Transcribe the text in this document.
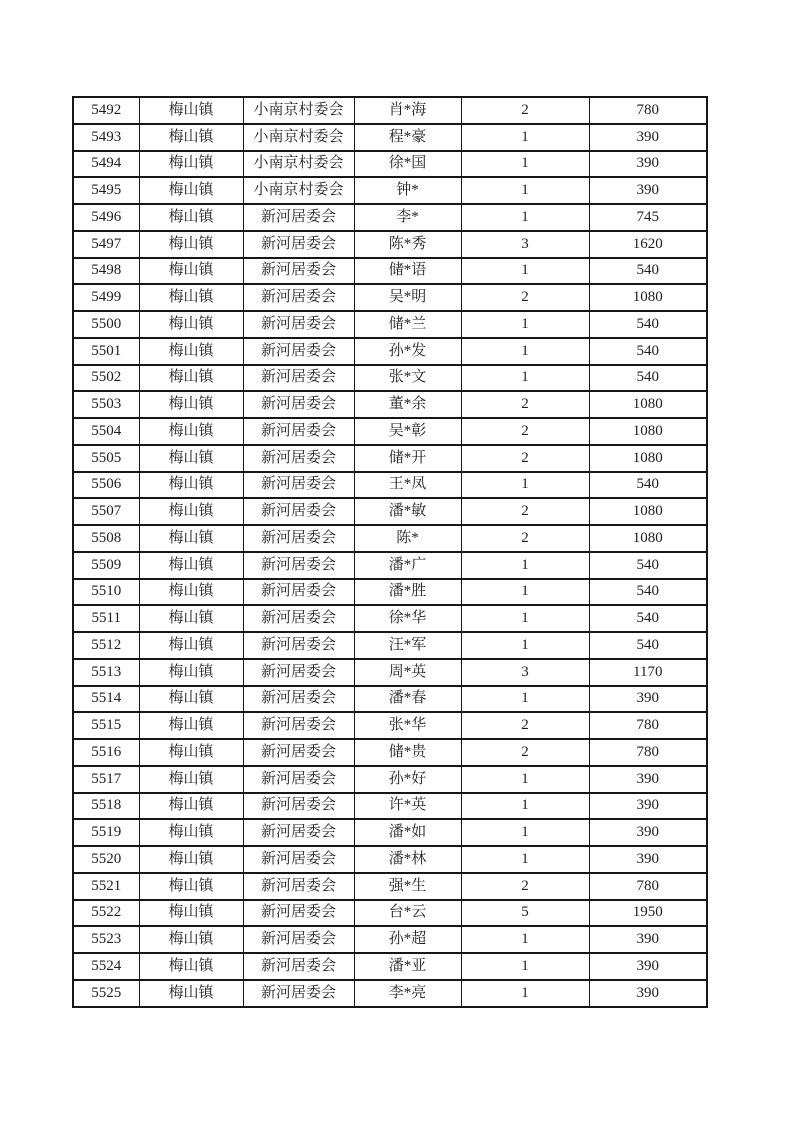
5492	梅山镇	小南京村委会	肖*海	2	780
5493	梅山镇	小南京村委会	程*豪	1	390
5494	梅山镇	小南京村委会	徐*国	1	390
5495	梅山镇	小南京村委会	钟*	1	390
5496	梅山镇	新河居委会	李*	1	745
5497	梅山镇	新河居委会	陈*秀	3	1620
5498	梅山镇	新河居委会	储*语	1	540
5499	梅山镇	新河居委会	吴*明	2	1080
5500	梅山镇	新河居委会	储*兰	1	540
5501	梅山镇	新河居委会	孙*发	1	540
5502	梅山镇	新河居委会	张*文	1	540
5503	梅山镇	新河居委会	董*余	2	1080
5504	梅山镇	新河居委会	吴*彰	2	1080
5505	梅山镇	新河居委会	储*开	2	1080
5506	梅山镇	新河居委会	王*凤	1	540
5507	梅山镇	新河居委会	潘*敏	2	1080
5508	梅山镇	新河居委会	陈*	2	1080
5509	梅山镇	新河居委会	潘*广	1	540
5510	梅山镇	新河居委会	潘*胜	1	540
5511	梅山镇	新河居委会	徐*华	1	540
5512	梅山镇	新河居委会	汪*军	1	540
5513	梅山镇	新河居委会	周*英	3	1170
5514	梅山镇	新河居委会	潘*春	1	390
5515	梅山镇	新河居委会	张*华	2	780
5516	梅山镇	新河居委会	储*贵	2	780
5517	梅山镇	新河居委会	孙*好	1	390
5518	梅山镇	新河居委会	许*英	1	390
5519	梅山镇	新河居委会	潘*如	1	390
5520	梅山镇	新河居委会	潘*林	1	390
5521	梅山镇	新河居委会	强*生	2	780
5522	梅山镇	新河居委会	台*云	5	1950
5523	梅山镇	新河居委会	孙*超	1	390
5524	梅山镇	新河居委会	潘*亚	1	390
5525	梅山镇	新河居委会	李*亮	1	390
